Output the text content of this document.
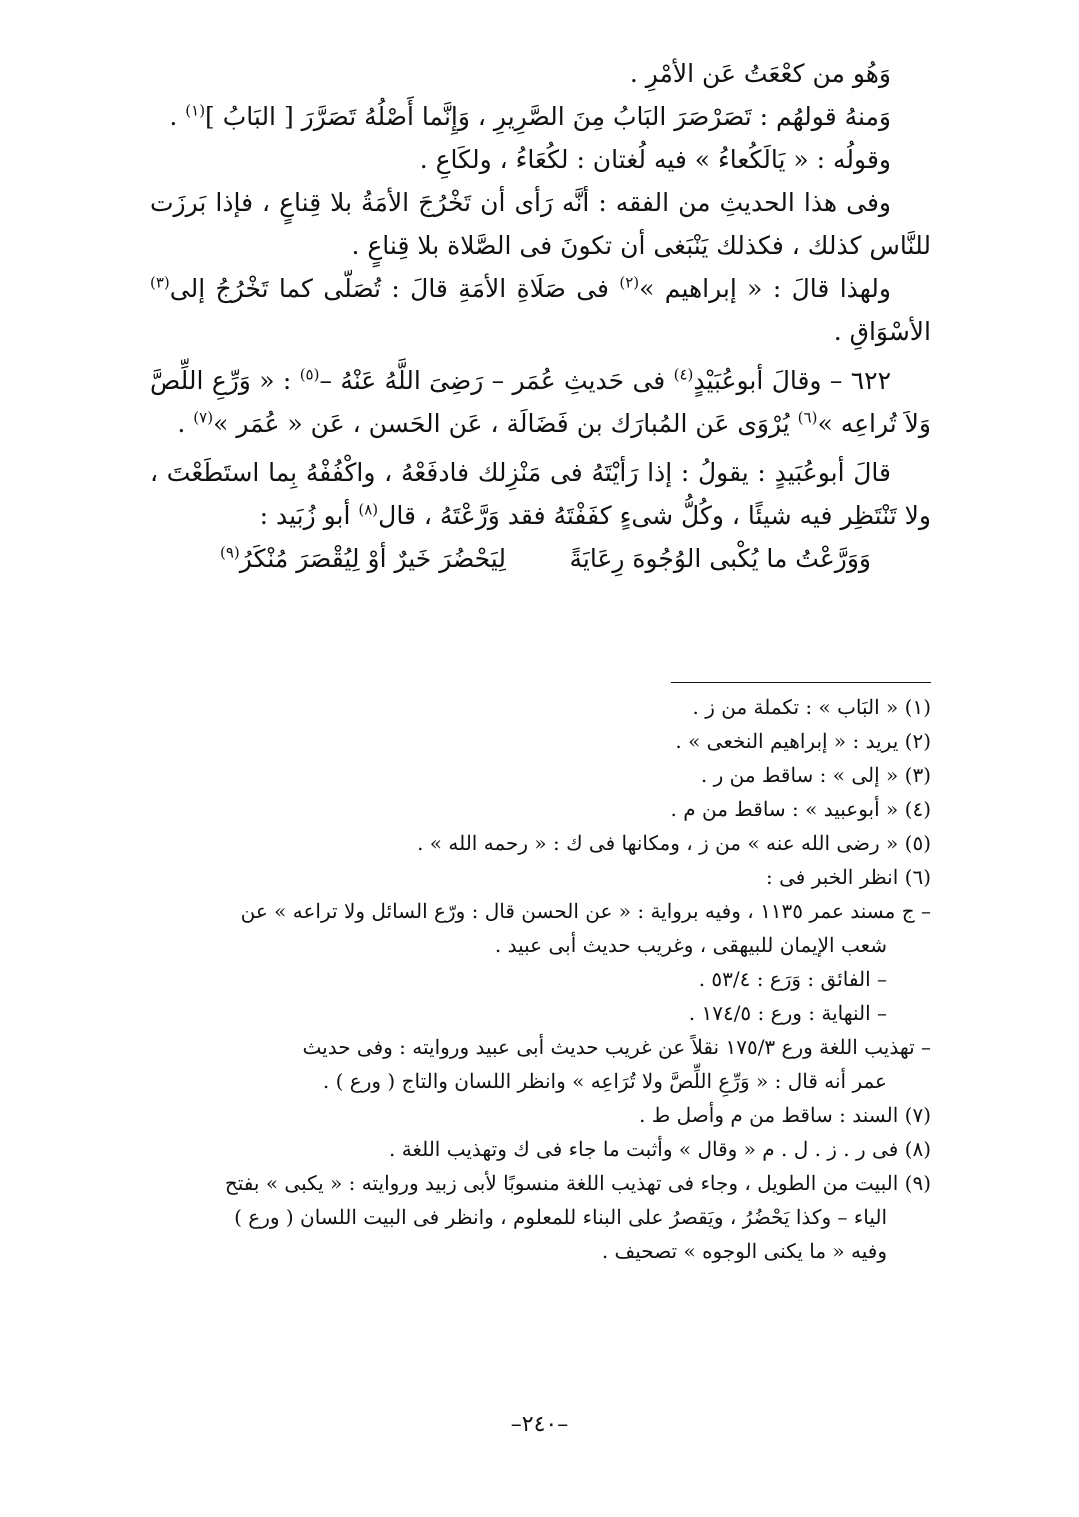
وَهُو من كعْعَتُ عَن الأمْرِ .

وَمنهُ قولهُم : تَصَرْصَرَ البَابُ مِنَ الصَّرِيرِ ، وَإِنَّما أَصْلُهُ تَصَرَّرَ [ البَابُ ]$^{(١)}$ .

وقولُه : « يَالَكُعاءُ » فيه لُغتان : لكُعَاءُ ، ولكَاعِ .

وفى هذا الحديثِ من الفقه : أنَّه رَأى أن تَخْرُجَ الأمَةُ بلا قِناعٍ ، فإذا بَرزَت للنَّاس كذلك ، فكذلك يَنْبَغى أن تكونَ فى الصَّلاة بلا قِناعٍ .

ولهذا قالَ : « إبراهيم »$^{(٢)}$ فى صَلَاةِ الأمَةِ قالَ : تُصَلّى كما تَخْرُجُ إلى$^{(٣)}$ الأسْوَاقِ .

٦٢٢ – وقالَ أبوعُبَيْدٍ$^{(٤)}$ فى حَديثِ عُمَر – رَضِىَ اللَّهُ عَنْهُ –$^{(٥)}$ : « وَرِّعِ اللِّصَّ وَلاَ تُراعِه »$^{(٦)}$ يُرْوَى عَن المُبارَك بن فَضَالَة ، عَن الحَسن ، عَن « عُمَر »$^{(٧)}$ .

قالَ أبوعُبَيدٍ : يقولُ : إذا رَأيْتَهُ فى مَنْزِلك فادفَعْهُ ، واكْفُفْهُ بِما استَطَعْتَ ، ولا تَنْتَظِر فيه شيئًا ، وكُلُّ شىءٍ كفَفْتَهُ فقد وَرَّعْتَهُ ، قال$^{(٨)}$ أبو زُبَيد :

وَوَرَّعْتُ ما يُكْبى الوُجُوهَ رِعَايَةً
لِيَحْضُرَ خَيرٌ أوْ لِيُقْصَرَ مُنْكَرُ$^{(٩)}$

(١) « البَاب » : تكملة من ز .

(٢) يريد : « إبراهيم النخعى » .

(٣) « إلى » : ساقط من ر .

(٤) « أبوعبيد » : ساقط من م .

(٥) « رضى الله عنه » من ز ، ومكانها فى ك : « رحمه الله » .

(٦) انظر الخبر فى :

– ج مسند عمر ١١٣٥ ، وفيه برواية : « عن الحسن قال : ورّع السائل ولا تراعه » عن

شعب الإيمان للبيهقى ، وغريب حديث أبى عبيد .

– الفائق : وَرَع : ٥٣/٤ .

– النهاية : ورع : ١٧٤/٥ .

– تهذيب اللغة ورع ١٧٥/٣ نقلاً عن غريب حديث أبى عبيد وروايته : وفى حديث

عمر أنه قال : « وَرِّعِ اللِّصَّ ولا تُرَاعِه » وانظر اللسان والتاج ( ورع ) .

(٧) السند : ساقط من م وأصل ط .

(٨) فى ر . ز . ل . م « وقال » وأثبت ما جاء فى ك وتهذيب اللغة .

(٩) البيت من الطويل ، وجاء فى تهذيب اللغة منسوبًا لأبى زبيد وروايته : « يكبى » بفتح

الياء – وكذا يَحْضُرُ ، ويَقصرُ على البناء للمعلوم ، وانظر فى البيت اللسان ( ورع )

وفيه « ما يكنى الوجوه » تصحيف .

–٢٤٠–
